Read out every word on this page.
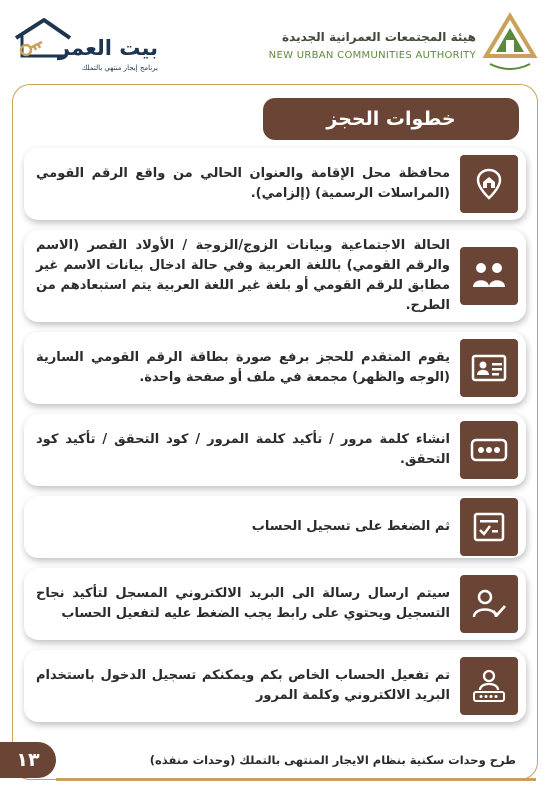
هيئة المجتمعات العمرانية الجديدة
NEW URBAN COMMUNITIES AUTHORITY
بيت العمر
برنامج إيجار منتهي بالتملك
خطوات الحجز
محافظة محل الإقامة والعنوان الحالي من واقع الرقم القومي (المراسلات الرسمية) (إلزامي).
الحالة الاجتماعية وبيانات الزوج/الزوجة / الأولاد القصر (الاسم والرقم القومي) باللغة العربية وفي حالة ادخال بيانات الاسم غير مطابق للرقم القومي أو بلغة غير اللغة العربية يتم استبعادهم من الطرح.
يقوم المتقدم للحجز برفع صورة بطاقة الرقم القومي السارية (الوجه والظهر) مجمعة في ملف أو صفحة واحدة.
انشاء كلمة مرور / تأكيد كلمة المرور / كود التحقق / تأكيد كود التحقق.
ثم الضغط على تسجيل الحساب
سيتم ارسال رسالة الى البريد الالكتروني المسجل لتأكيد نجاح التسجيل ويحتوي على رابط يجب الضغط عليه لتفعيل الحساب
تم تفعيل الحساب الخاص بكم ويمكنكم تسجيل الدخول باستخدام البريد الالكتروني وكلمة المرور
١٣	طرح وحدات سكنية بنظام الايجار المنتهى بالتملك (وحدات منفذه)
